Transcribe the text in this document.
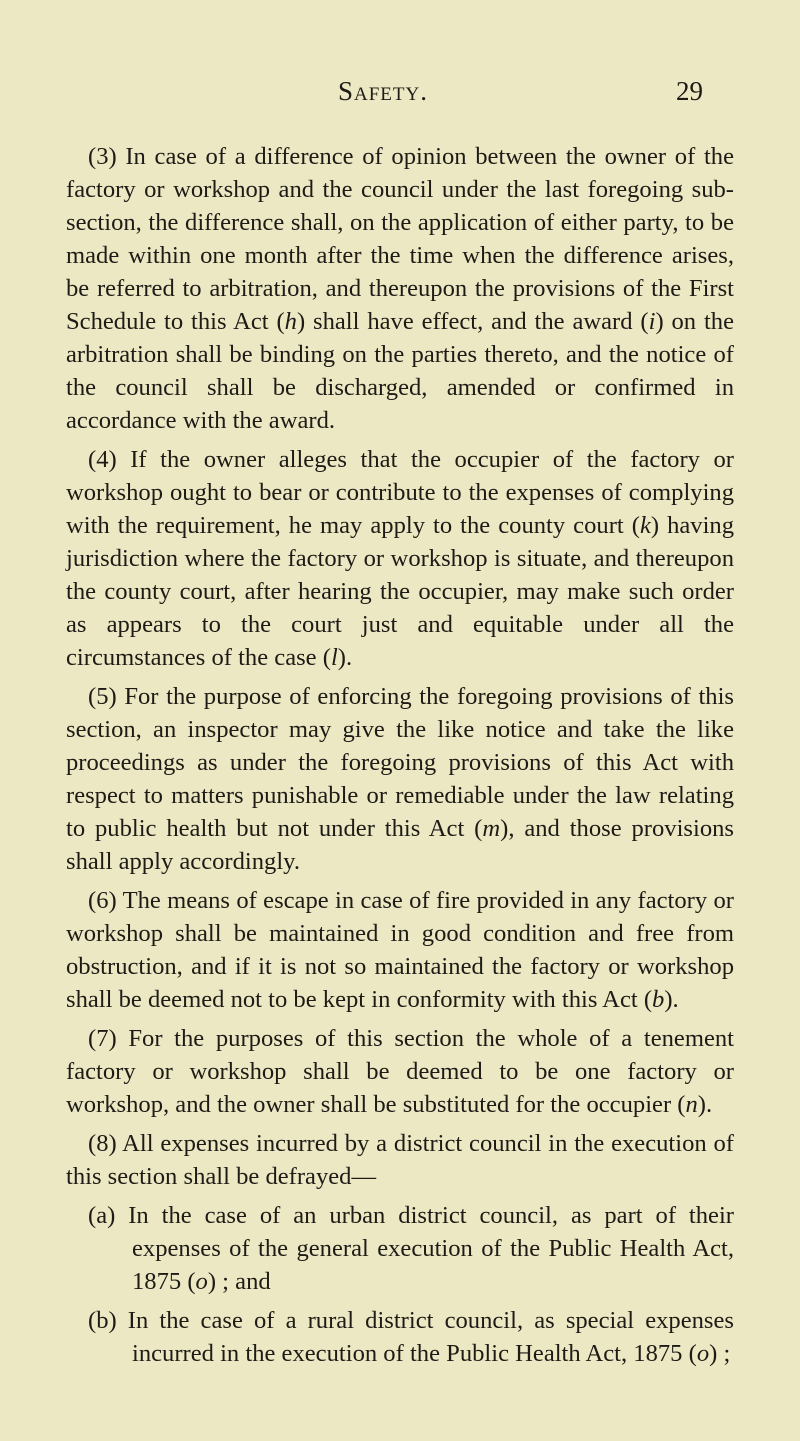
Safety.	29

(3) In case of a difference of opinion between the owner of the factory or workshop and the council under the last foregoing sub-section, the difference shall, on the application of either party, to be made within one month after the time when the difference arises, be referred to arbitration, and thereupon the provisions of the First Schedule to this Act (h) shall have effect, and the award (i) on the arbitration shall be binding on the parties thereto, and the notice of the council shall be discharged, amended or confirmed in accordance with the award.

(4) If the owner alleges that the occupier of the factory or workshop ought to bear or contribute to the expenses of complying with the requirement, he may apply to the county court (k) having jurisdiction where the factory or workshop is situate, and thereupon the county court, after hearing the occupier, may make such order as appears to the court just and equitable under all the circumstances of the case (l).

(5) For the purpose of enforcing the foregoing provisions of this section, an inspector may give the like notice and take the like proceedings as under the foregoing provisions of this Act with respect to matters punishable or remediable under the law relating to public health but not under this Act (m), and those provisions shall apply accordingly.

(6) The means of escape in case of fire provided in any factory or workshop shall be maintained in good condition and free from obstruction, and if it is not so maintained the factory or workshop shall be deemed not to be kept in conformity with this Act (b).

(7) For the purposes of this section the whole of a tenement factory or workshop shall be deemed to be one factory or workshop, and the owner shall be substituted for the occupier (n).

(8) All expenses incurred by a district council in the execution of this section shall be defrayed—

(a) In the case of an urban district council, as part of their expenses of the general execution of the Public Health Act, 1875 (o) ; and

(b) In the case of a rural district council, as special expenses incurred in the execution of the Public Health Act, 1875 (o) ;
